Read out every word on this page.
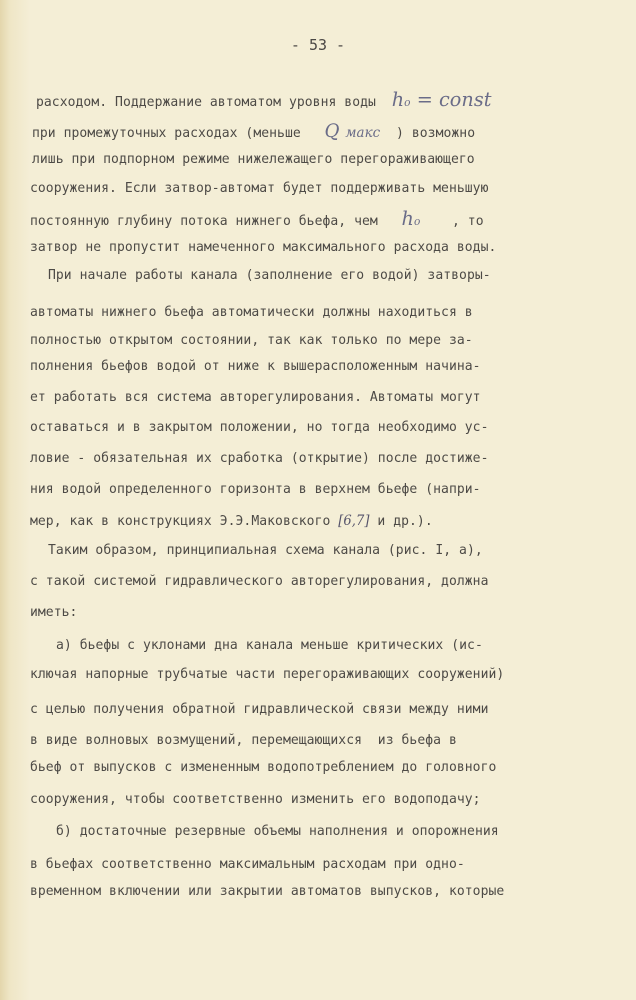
- 53 -
расходом. Поддержание автоматом уровня воды ho = const
при промежуточных расходах (меньше Q макс ) возможно
лишь при подпорном режиме нижележащего перегораживающего
сооружения. Если затвор-автомат будет поддерживать меньшую
постоянную глубину потока нижнего бьефа, чем ho , то
затвор не пропустит намеченного максимального расхода воды.
При начале работы канала (заполнение его водой) затворы-
автоматы нижнего бьефа автоматически должны находиться в
полностью открытом состоянии, так как только по мере за-
полнения бьефов водой от ниже к вышерасположенным начина-
ет работать вся система авторегулирования. Автоматы могут
оставаться и в закрытом положении, но тогда необходимо ус-
ловие - обязательная их сработка (открытие) после достиже-
ния водой определенного горизонта в верхнем бьефе (напри-
мер, как в конструкциях Э.Э.Маковского [6,7] и др.).
Таким образом, принципиальная схема канала (рис. I, а),
с такой системой гидравлического авторегулирования, должна
иметь:
а) бьефы с уклонами дна канала меньше критических (ис-
ключая напорные трубчатые части перегораживающих сооружений)
с целью получения обратной гидравлической связи между ними
в виде волновых возмущений, перемещающихся  из бьефа в
бьеф от выпусков с измененным водопотреблением до головного
сооружения, чтобы соответственно изменить его водоподачу;
б) достаточные резервные объемы наполнения и опорожнения
в бьефах соответственно максимальным расходам при одно-
временном включении или закрытии автоматов выпусков, которые
